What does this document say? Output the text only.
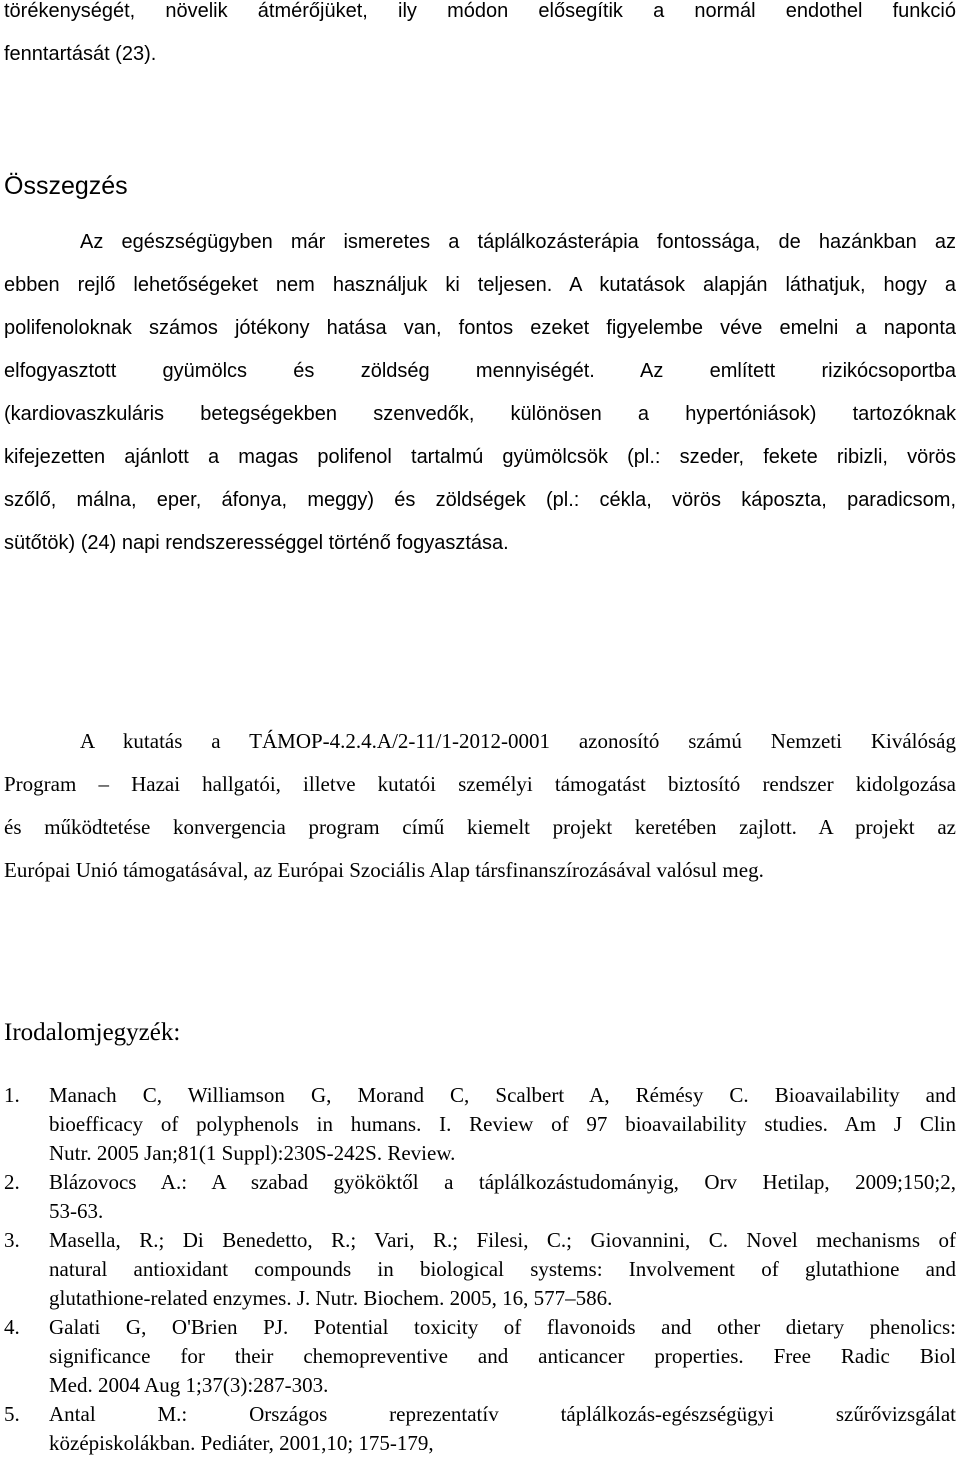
törékenységét, növelik átmérőjüket, ily módon elősegítik a normál endothel funkció
fenntartását (23).
Összegzés
Az egészségügyben már ismeretes a táplálkozásterápia fontossága, de hazánkban az
ebben rejlő lehetőségeket nem használjuk ki teljesen. A kutatások alapján láthatjuk, hogy a
polifenoloknak számos jótékony hatása van, fontos ezeket figyelembe véve emelni a naponta
elfogyasztott gyümölcs és zöldség mennyiségét. Az említett rizikócsoportba
(kardiovaszkuláris betegségekben szenvedők, különösen a hypertóniások) tartozóknak
kifejezetten ajánlott a magas polifenol tartalmú gyümölcsök (pl.: szeder, fekete ribizli, vörös
szőlő, málna, eper, áfonya, meggy) és zöldségek (pl.: cékla, vörös káposzta, paradicsom,
sütőtök) (24) napi rendszerességgel történő fogyasztása.
A kutatás a TÁMOP-4.2.4.A/2-11/1-2012-0001 azonosító számú Nemzeti Kiválóság
Program – Hazai hallgatói, illetve kutatói személyi támogatást biztosító rendszer kidolgozása
és működtetése konvergencia program című kiemelt projekt keretében zajlott. A projekt az
Európai Unió támogatásával, az Európai Szociális Alap társfinanszírozásával valósul meg.
Irodalomjegyzék:
1. Manach C, Williamson G, Morand C, Scalbert A, Rémésy C. Bioavailability and
bioefficacy of polyphenols in humans. I. Review of 97 bioavailability studies. Am J Clin
Nutr. 2005 Jan;81(1 Suppl):230S-242S. Review.
2. Blázovocs A.: A szabad gyököktől a táplálkozástudományig, Orv Hetilap, 2009;150;2,
53-63.
3. Masella, R.; Di Benedetto, R.; Vari, R.; Filesi, C.; Giovannini, C. Novel mechanisms of
natural antioxidant compounds in biological systems: Involvement of glutathione and
glutathione-related enzymes. J. Nutr. Biochem. 2005, 16, 577–586.
4. Galati G, O'Brien PJ. Potential toxicity of flavonoids and other dietary phenolics:
significance for their chemopreventive and anticancer properties. Free Radic Biol
Med. 2004 Aug 1;37(3):287-303.
5. Antal M.: Országos reprezentatív táplálkozás-egészségügyi szűrővizsgálat
középiskolákban. Pediáter, 2001,10; 175-179,
